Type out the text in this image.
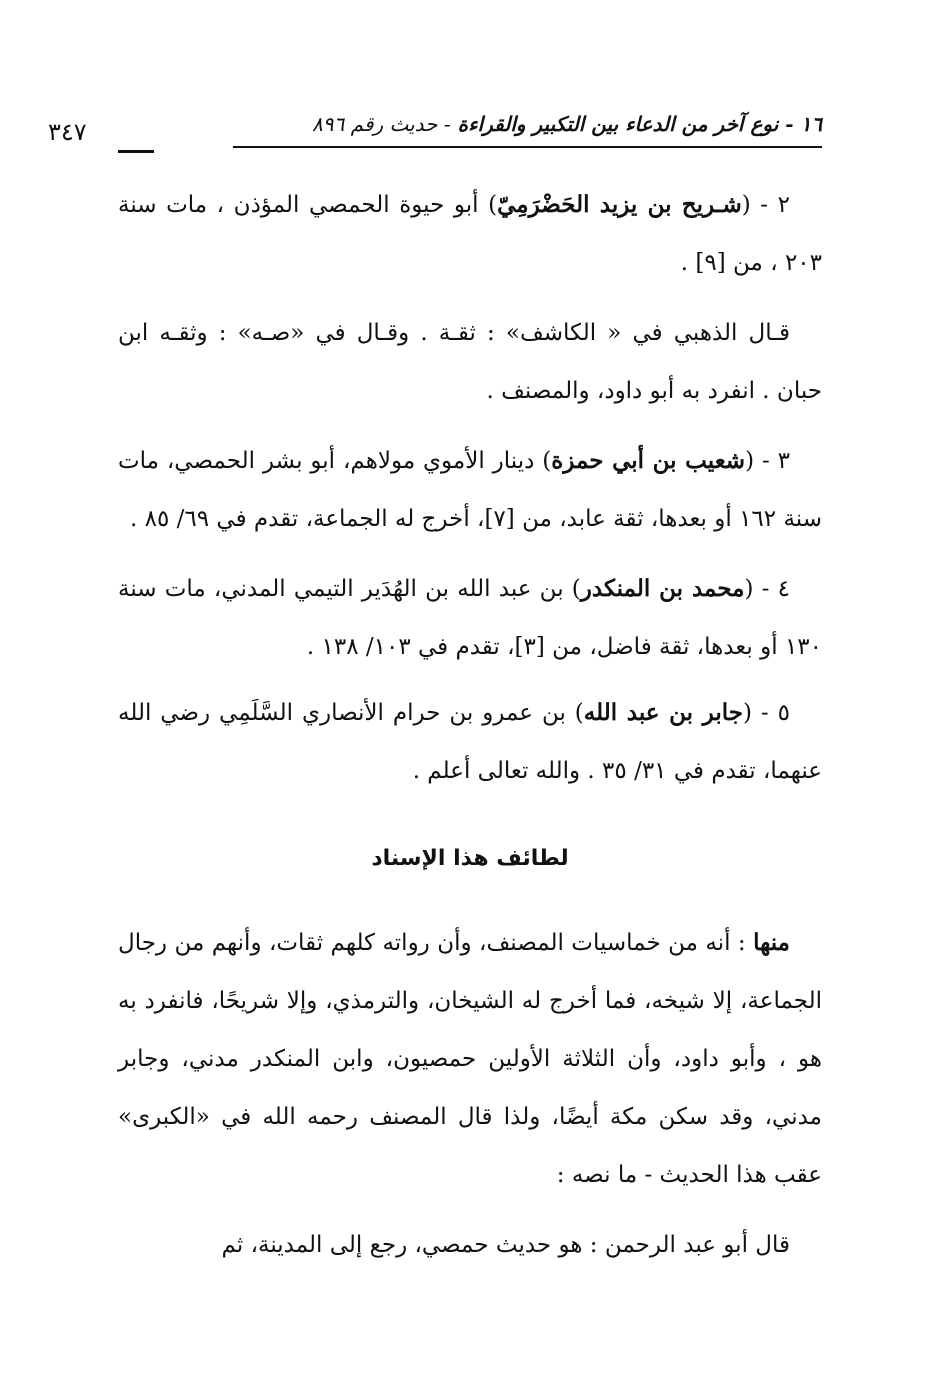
١٦ - نوع آخر من الدعاء بين التكبير والقراءة - حديث رقم ٨٩٦
٣٤٧

٢ - (شـريح بن يزيد الحَضْرَمِيّ) أبو حيوة الحمصي المؤذن ، مات سنة ٢٠٣ ، من [٩] .

قـال الذهبي في « الكاشف» : ثقـة . وقـال في «صـه» : وثقـه ابن حبان . انفرد به أبو داود، والمصنف .

٣ - (شعيب بن أبي حمزة) دينار الأموي مولاهم، أبو بشر الحمصي، مات سنة ١٦٢ أو بعدها، ثقة عابد، من [٧]، أخرج له الجماعة، تقدم في ٦٩/ ٨٥ .

٤ - (محمد بن المنكدر) بن عبد الله بن الهُدَير التيمي المدني، مات سنة ١٣٠ أو بعدها، ثقة فاضل، من [٣]، تقدم في ١٠٣/ ١٣٨ .

٥ - (جابر بن عبد الله) بن عمرو بن حرام الأنصاري السَّلَمِي رضي الله عنهما، تقدم في ٣١/ ٣٥ . والله تعالى أعلم .

لطائف هذا الإسناد

منها : أنه من خماسيات المصنف، وأن رواته كلهم ثقات، وأنهم من رجال الجماعة، إلا شيخه، فما أخرج له الشيخان، والترمذي، وإلا شريحًا، فانفرد به هو ، وأبو داود، وأن الثلاثة الأولين حمصيون، وابن المنكدر مدني، وجابر مدني، وقد سكن مكة أيضًا، ولذا قال المصنف رحمه الله في «الكبرى» عقب هذا الحديث - ما نصه :

قال أبو عبد الرحمن : هو حديث حمصي، رجع إلى المدينة، ثم
